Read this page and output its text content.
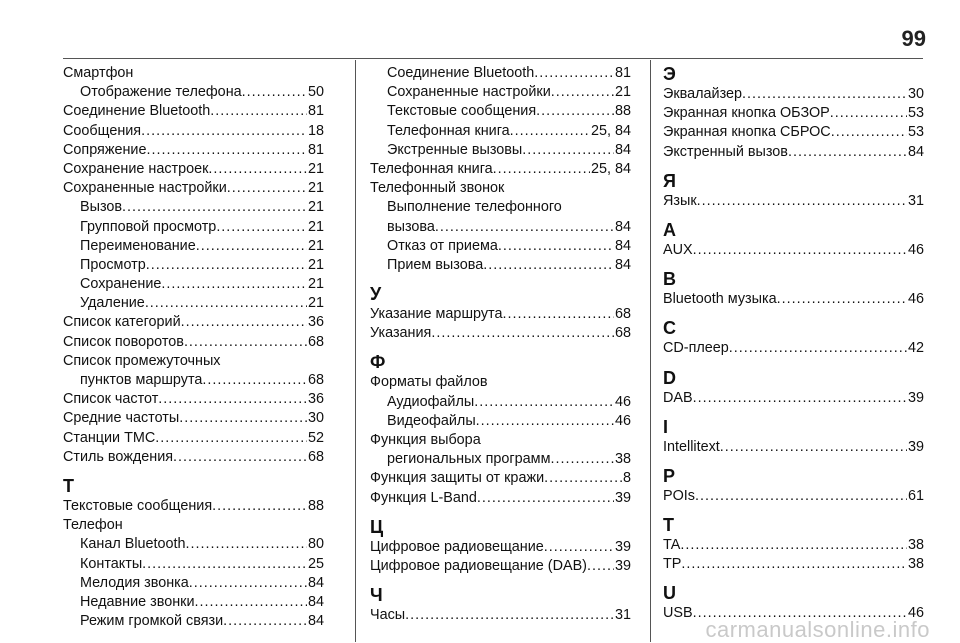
99
Смартфон
Отображение телефона .....	50
Соединение Bluetooth .....	81
Сообщения .....	18
Сопряжение .....	81
Сохранение настроек .....	21
Сохраненные настройки .....	21
Вызов .....	21
Групповой просмотр .....	21
Переименование .....	21
Просмотр .....	21
Сохранение .....	21
Удаление .....	21
Список категорий .....	36
Список поворотов .....	68
Список промежуточных
пунктов маршрута .....	68
Список частот .....	36
Средние частоты .....	30
Станции TMC .....	52
Стиль вождения .....	68
Т
Текстовые сообщения .....	88
Телефон
Канал Bluetooth .....	80
Контакты .....	25
Мелодия звонка .....	84
Недавние звонки .....	84
Режим громкой связи .....	84
Соединение Bluetooth .....	81
Сохраненные настройки .....	21
Текстовые сообщения .....	88
Телефонная книга .....	25, 84
Экстренные вызовы .....	84
Телефонная книга .....	25, 84
Телефонный звонок
Выполнение телефонного
вызова .....	84
Отказ от приема .....	84
Прием вызова .....	84
У
Указание маршрута .....	68
Указания .....	68
Ф
Форматы файлов
Аудиофайлы .....	46
Видеофайлы .....	46
Функция выбора
региональных программ .....	38
Функция защиты от кражи .....	8
Функция L-Band .....	39
Ц
Цифровое радиовещание .....	39
Цифровое радиовещание (DAB) ..... 39
Ч
Часы .....	31
Э
Эквалайзер .....	30
Экранная кнопка ОБЗОР .....	53
Экранная кнопка СБРОС .....	53
Экстренный вызов .....	84
Я
Язык .....	31
A
AUX .....	46
B
Bluetooth музыка .....	46
C
CD-плеер .....	42
D
DAB .....	39
I
Intellitext .....	39
P
POIs .....	61
T
TA .....	38
TP .....	38
U
USB .....	46
carmanualsonline.info
